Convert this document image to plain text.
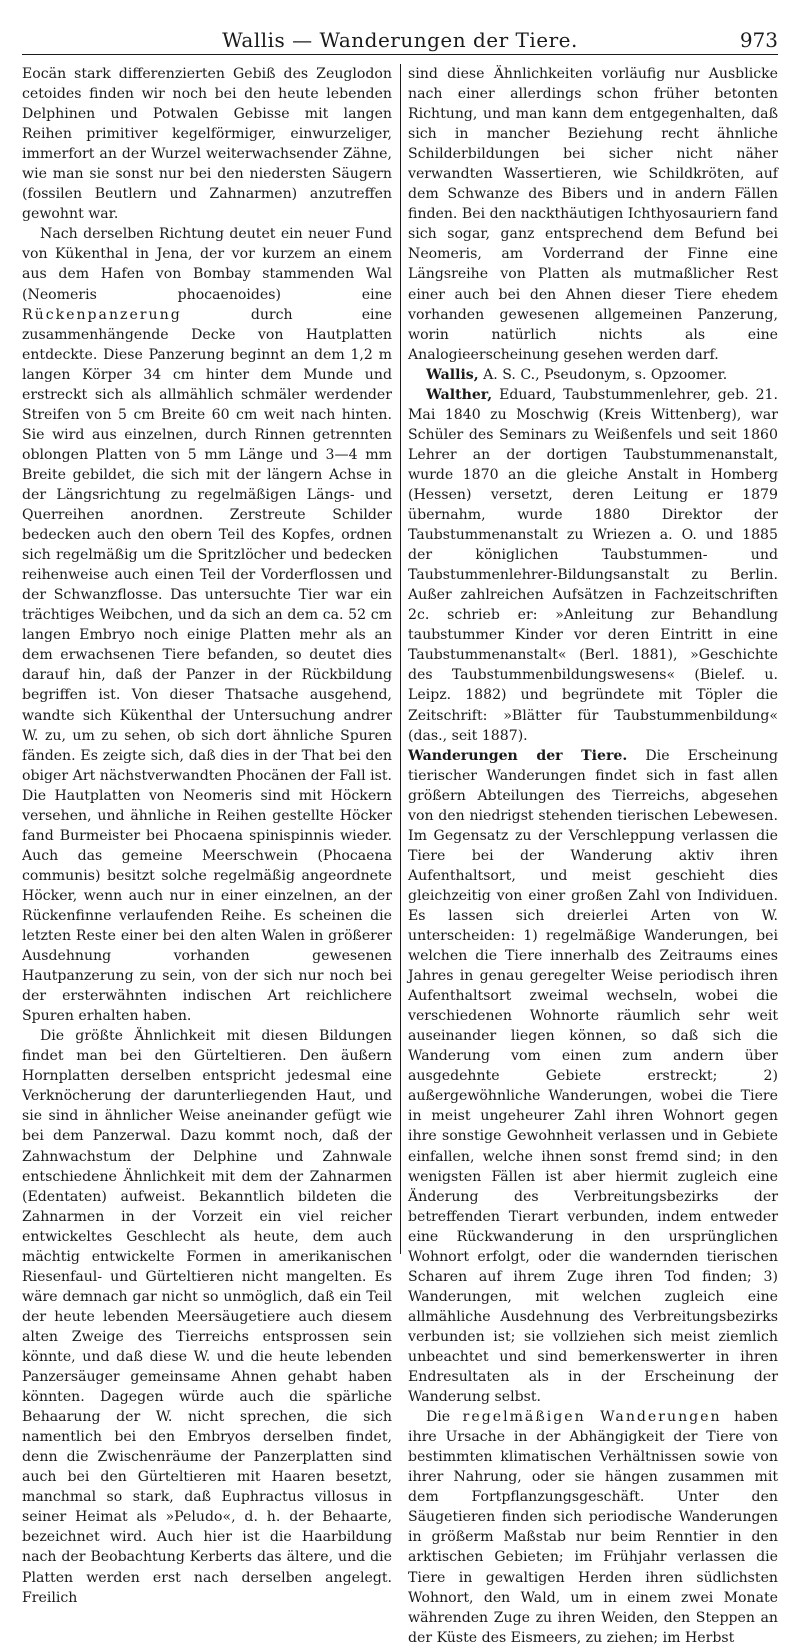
Wallis — Wanderungen der Tiere.	973

Eocän stark differenzierten Gebiß des Zeuglodon cetoides finden wir noch bei den heute lebenden Delphinen und Potwalen Gebisse mit langen Reihen primitiver kegelförmiger, einwurzeliger, immerfort an der Wurzel weiterwachsender Zähne, wie man sie sonst nur bei den niedersten Säugern (fossilen Beutlern und Zahnarmen) anzutreffen gewohnt war.

Nach derselben Richtung deutet ein neuer Fund von Kükenthal in Jena, der vor kurzem an einem aus dem Hafen von Bombay stammenden Wal (Neomeris phocaenoides) eine Rückenpanzerung durch eine zusammenhängende Decke von Hautplatten entdeckte. Diese Panzerung beginnt an dem 1,2 m langen Körper 34 cm hinter dem Munde und erstreckt sich als allmählich schmäler werdender Streifen von 5 cm Breite 60 cm weit nach hinten. Sie wird aus einzelnen, durch Rinnen getrennten oblongen Platten von 5 mm Länge und 3—4 mm Breite gebildet, die sich mit der längern Achse in der Längsrichtung zu regelmäßigen Längs- und Querreihen anordnen. Zerstreute Schilder bedecken auch den obern Teil des Kopfes, ordnen sich regelmäßig um die Spritzlöcher und bedecken reihenweise auch einen Teil der Vorderflossen und der Schwanzflosse. Das untersuchte Tier war ein trächtiges Weibchen, und da sich an dem ca. 52 cm langen Embryo noch einige Platten mehr als an dem erwachsenen Tiere befanden, so deutet dies darauf hin, daß der Panzer in der Rückbildung begriffen ist. Von dieser Thatsache ausgehend, wandte sich Kükenthal der Untersuchung andrer W. zu, um zu sehen, ob sich dort ähnliche Spuren fänden. Es zeigte sich, daß dies in der That bei den obiger Art nächstverwandten Phocänen der Fall ist. Die Hautplatten von Neomeris sind mit Höckern versehen, und ähnliche in Reihen gestellte Höcker fand Burmeister bei Phocaena spinispinnis wieder. Auch das gemeine Meerschwein (Phocaena communis) besitzt solche regelmäßig angeordnete Höcker, wenn auch nur in einer einzelnen, an der Rückenfinne verlaufenden Reihe. Es scheinen die letzten Reste einer bei den alten Walen in größerer Ausdehnung vorhanden gewesenen Hautpanzerung zu sein, von der sich nur noch bei der ersterwähnten indischen Art reichlichere Spuren erhalten haben.

Die größte Ähnlichkeit mit diesen Bildungen findet man bei den Gürteltieren. Den äußern Hornplatten derselben entspricht jedesmal eine Verknöcherung der darunterliegenden Haut, und sie sind in ähnlicher Weise aneinander gefügt wie bei dem Panzerwal. Dazu kommt noch, daß der Zahnwachstum der Delphine und Zahnwale entschiedene Ähnlichkeit mit dem der Zahnarmen (Edentaten) aufweist. Bekanntlich bildeten die Zahnarmen in der Vorzeit ein viel reicher entwickeltes Geschlecht als heute, dem auch mächtig entwickelte Formen in amerikanischen Riesenfaul- und Gürteltieren nicht mangelten. Es wäre demnach gar nicht so unmöglich, daß ein Teil der heute lebenden Meersäugetiere auch diesem alten Zweige des Tierreichs entsprossen sein könnte, und daß diese W. und die heute lebenden Panzersäuger gemeinsame Ahnen gehabt haben könnten. Dagegen würde auch die spärliche Behaarung der W. nicht sprechen, die sich namentlich bei den Embryos derselben findet, denn die Zwischenräume der Panzerplatten sind auch bei den Gürteltieren mit Haaren besetzt, manchmal so stark, daß Euphractus villosus in seiner Heimat als »Peludo«, d. h. der Behaarte, bezeichnet wird. Auch hier ist die Haarbildung nach der Beobachtung Kerberts das ältere, und die Platten werden erst nach derselben angelegt. Freilich

sind diese Ähnlichkeiten vorläufig nur Ausblicke nach einer allerdings schon früher betonten Richtung, und man kann dem entgegenhalten, daß sich in mancher Beziehung recht ähnliche Schilderbildungen bei sicher nicht näher verwandten Wassertieren, wie Schildkröten, auf dem Schwanze des Bibers und in andern Fällen finden. Bei den nackthäutigen Ichthyosauriern fand sich sogar, ganz entsprechend dem Befund bei Neomeris, am Vorderrand der Finne eine Längsreihe von Platten als mutmaßlicher Rest einer auch bei den Ahnen dieser Tiere ehedem vorhanden gewesenen allgemeinen Panzerung, worin natürlich nichts als eine Analogieerscheinung gesehen werden darf.

Wallis, A. S. C., Pseudonym, s. Opzoomer.

Walther, Eduard, Taubstummenlehrer, geb. 21. Mai 1840 zu Moschwig (Kreis Wittenberg), war Schüler des Seminars zu Weißenfels und seit 1860 Lehrer an der dortigen Taubstummenanstalt, wurde 1870 an die gleiche Anstalt in Homberg (Hessen) versetzt, deren Leitung er 1879 übernahm, wurde 1880 Direktor der Taubstummenanstalt zu Wriezen a. O. und 1885 der königlichen Taubstummen- und Taubstummenlehrer-Bildungsanstalt zu Berlin. Außer zahlreichen Aufsätzen in Fachzeitschriften 2c. schrieb er: »Anleitung zur Behandlung taubstummer Kinder vor deren Eintritt in eine Taubstummenanstalt« (Berl. 1881), »Geschichte des Taubstummenbildungswesens« (Bielef. u. Leipz. 1882) und begründete mit Töpler die Zeitschrift: »Blätter für Taubstummenbildung« (das., seit 1887).

Wanderungen der Tiere. Die Erscheinung tierischer Wanderungen findet sich in fast allen größern Abteilungen des Tierreichs, abgesehen von den niedrigst stehenden tierischen Lebewesen. Im Gegensatz zu der Verschleppung verlassen die Tiere bei der Wanderung aktiv ihren Aufenthaltsort, und meist geschieht dies gleichzeitig von einer großen Zahl von Individuen. Es lassen sich dreierlei Arten von W. unterscheiden: 1) regelmäßige Wanderungen, bei welchen die Tiere innerhalb des Zeitraums eines Jahres in genau geregelter Weise periodisch ihren Aufenthaltsort zweimal wechseln, wobei die verschiedenen Wohnorte räumlich sehr weit auseinander liegen können, so daß sich die Wanderung vom einen zum andern über ausgedehnte Gebiete erstreckt; 2) außergewöhnliche Wanderungen, wobei die Tiere in meist ungeheurer Zahl ihren Wohnort gegen ihre sonstige Gewohnheit verlassen und in Gebiete einfallen, welche ihnen sonst fremd sind; in den wenigsten Fällen ist aber hiermit zugleich eine Änderung des Verbreitungsbezirks der betreffenden Tierart verbunden, indem entweder eine Rückwanderung in den ursprünglichen Wohnort erfolgt, oder die wandernden tierischen Scharen auf ihrem Zuge ihren Tod finden; 3) Wanderungen, mit welchen zugleich eine allmähliche Ausdehnung des Verbreitungsbezirks verbunden ist; sie vollziehen sich meist ziemlich unbeachtet und sind bemerkenswerter in ihren Endresultaten als in der Erscheinung der Wanderung selbst.

Die regelmäßigen Wanderungen haben ihre Ursache in der Abhängigkeit der Tiere von bestimmten klimatischen Verhältnissen sowie von ihrer Nahrung, oder sie hängen zusammen mit dem Fortpflanzungsgeschäft. Unter den Säugetieren finden sich periodische Wanderungen in größerm Maßstab nur beim Renntier in den arktischen Gebieten; im Frühjahr verlassen die Tiere in gewaltigen Herden ihren südlichsten Wohnort, den Wald, um in einem zwei Monate währenden Zuge zu ihren Weiden, den Steppen an der Küste des Eismeers, zu ziehen; im Herbst
